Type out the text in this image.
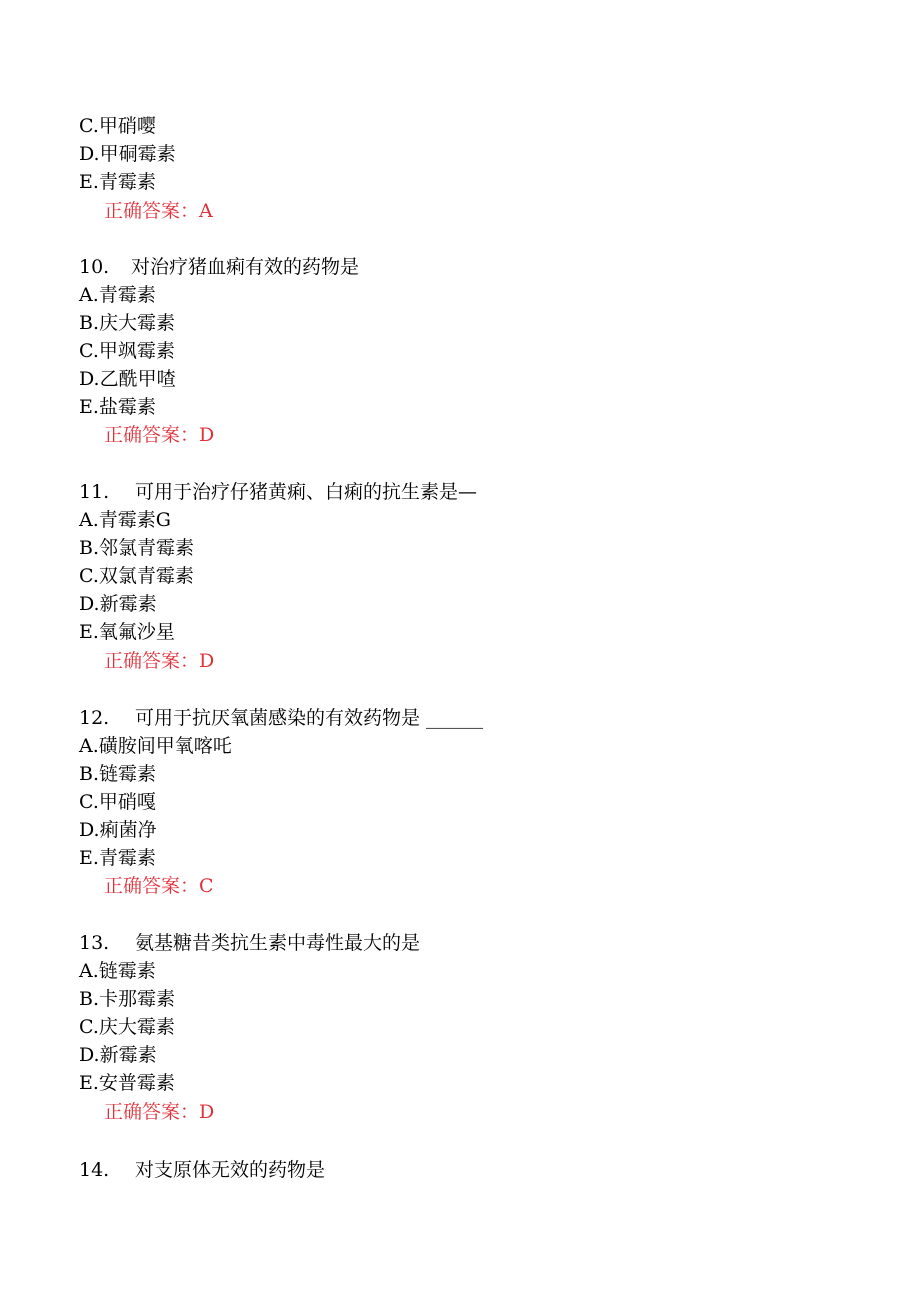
C.甲硝嘤
D.甲硐霉素
E.青霉素
正确答案：A
10. 对治疗猪血痢有效的药物是
A.青霉素
B.庆大霉素
C.甲飒霉素
D.乙酰甲喳
E.盐霉素
正确答案：D
11. 可用于治疗仔猪黄痢、白痢的抗生素是—
A.青霉素G
B.邻氯青霉素
C.双氯青霉素
D.新霉素
E.氧氟沙星
正确答案：D
12. 可用于抗厌氧菌感染的有效药物是 ______
A.磺胺间甲氧喀吒
B.链霉素
C.甲硝嘎
D.痢菌净
E.青霉素
正确答案：C
13. 氨基糖昔类抗生素中毒性最大的是
A.链霉素
B.卡那霉素
C.庆大霉素
D.新霉素
E.安普霉素
正确答案：D
14. 对支原体无效的药物是
